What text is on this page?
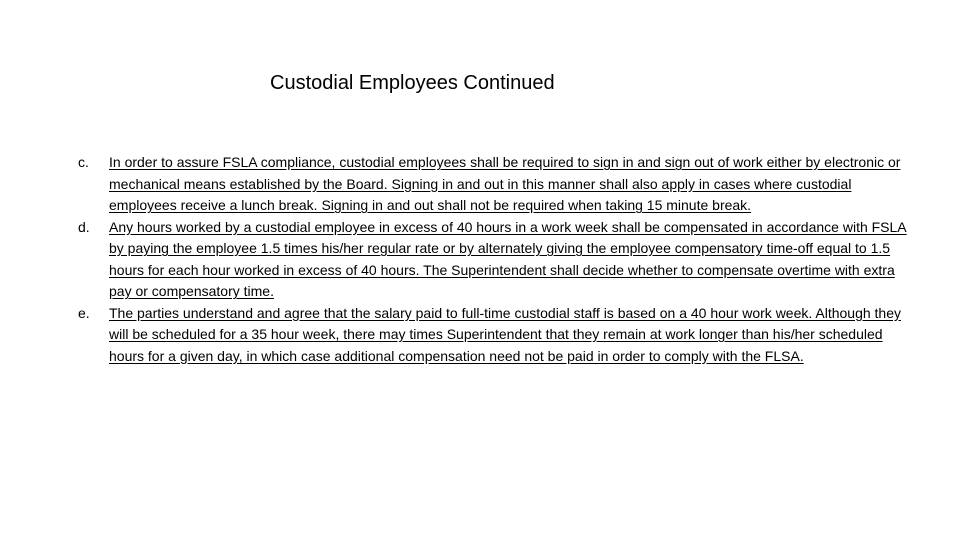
Custodial Employees Continued
c.	In order to assure FSLA compliance, custodial employees shall be required to sign in and sign out of work either by electronic or mechanical means established by the Board. Signing in and out in this manner shall also apply in cases where custodial employees receive a lunch break. Signing in and out shall not be required when taking 15 minute break.
d.	Any hours worked by a custodial employee in excess of 40 hours in a work week shall be compensated in accordance with FSLA by paying the employee 1.5 times his/her regular rate or by alternately giving the employee compensatory time-off equal to 1.5 hours for each hour worked in excess of 40 hours. The Superintendent shall decide whether to compensate overtime with extra pay or compensatory time.
e.	The parties understand and agree that the salary paid to full-time custodial staff is based on a 40 hour work week. Although they will be scheduled for a 35 hour week, there may times Superintendent that they remain at work longer than his/her scheduled hours for a given day, in which case additional compensation need not be paid in order to comply with the FLSA.
